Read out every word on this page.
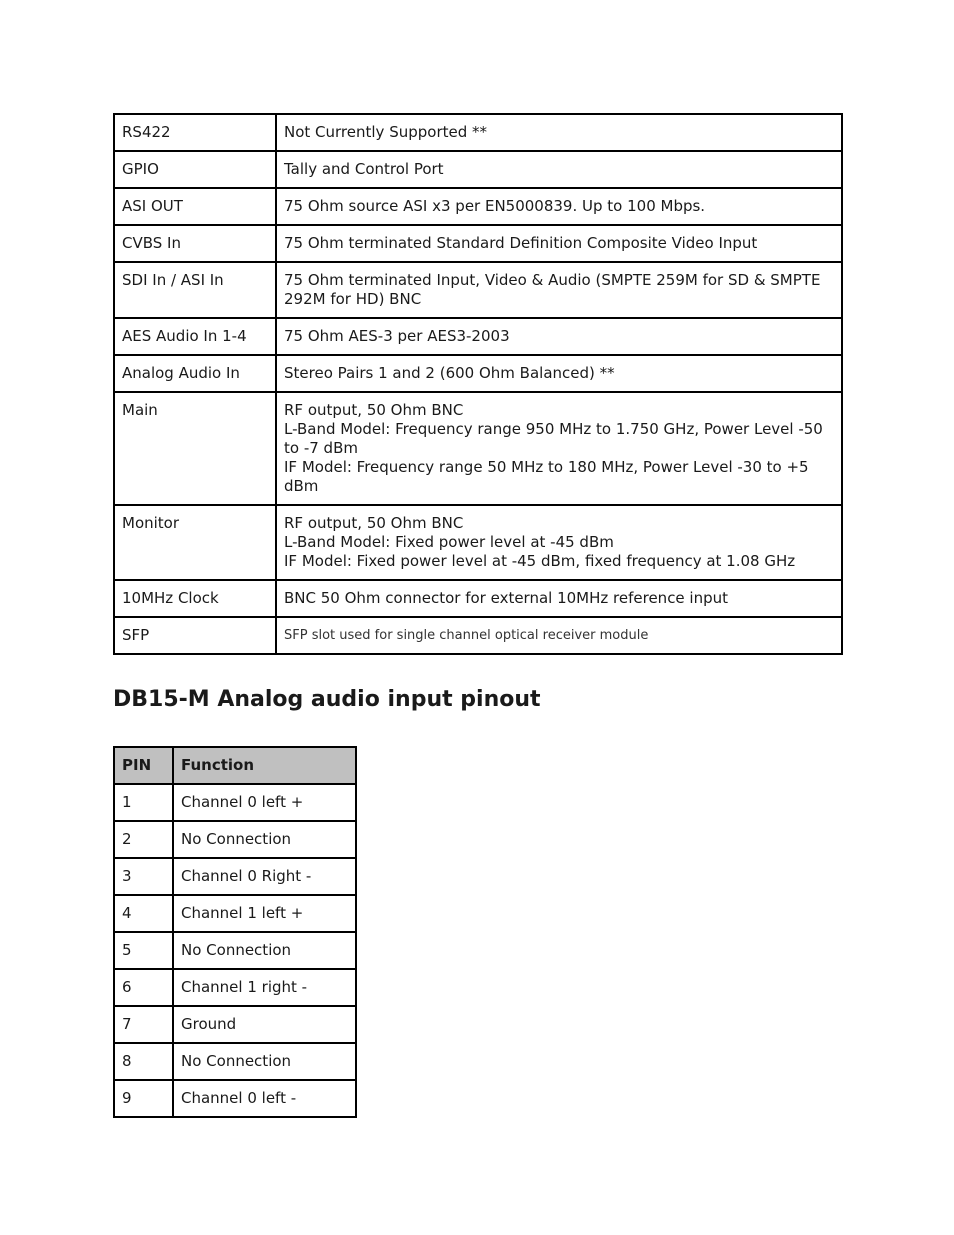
RS422	Not Currently Supported **

GPIO	Tally and Control Port

ASI OUT	75 Ohm source ASI x3 per EN5000839. Up to 100 Mbps.

CVBS In	75 Ohm terminated Standard Definition Composite Video Input

SDI In / ASI In	75 Ohm terminated Input, Video & Audio (SMPTE 259M for SD & SMPTE 292M for HD) BNC

AES Audio In 1-4	75 Ohm AES-3 per AES3-2003

Analog Audio In	Stereo Pairs 1 and 2 (600 Ohm Balanced) **

Main	RF output, 50 Ohm BNC
L-Band Model: Frequency range 950 MHz to 1.750 GHz, Power Level -50 to -7 dBm
IF Model: Frequency range 50 MHz to 180 MHz, Power Level -30 to +5 dBm

Monitor	RF output, 50 Ohm BNC
L-Band Model: Fixed power level at -45 dBm
IF Model: Fixed power level at -45 dBm, fixed frequency at 1.08 GHz

10MHz Clock	BNC 50 Ohm connector for external 10MHz reference input

SFP	SFP slot used for single channel optical receiver module
DB15-M Analog audio input pinout
PIN	Function
1	Channel 0 left +
2	No Connection
3	Channel 0 Right -
4	Channel 1 left +
5	No Connection
6	Channel 1 right -
7	Ground
8	No Connection
9	Channel 0 left -
